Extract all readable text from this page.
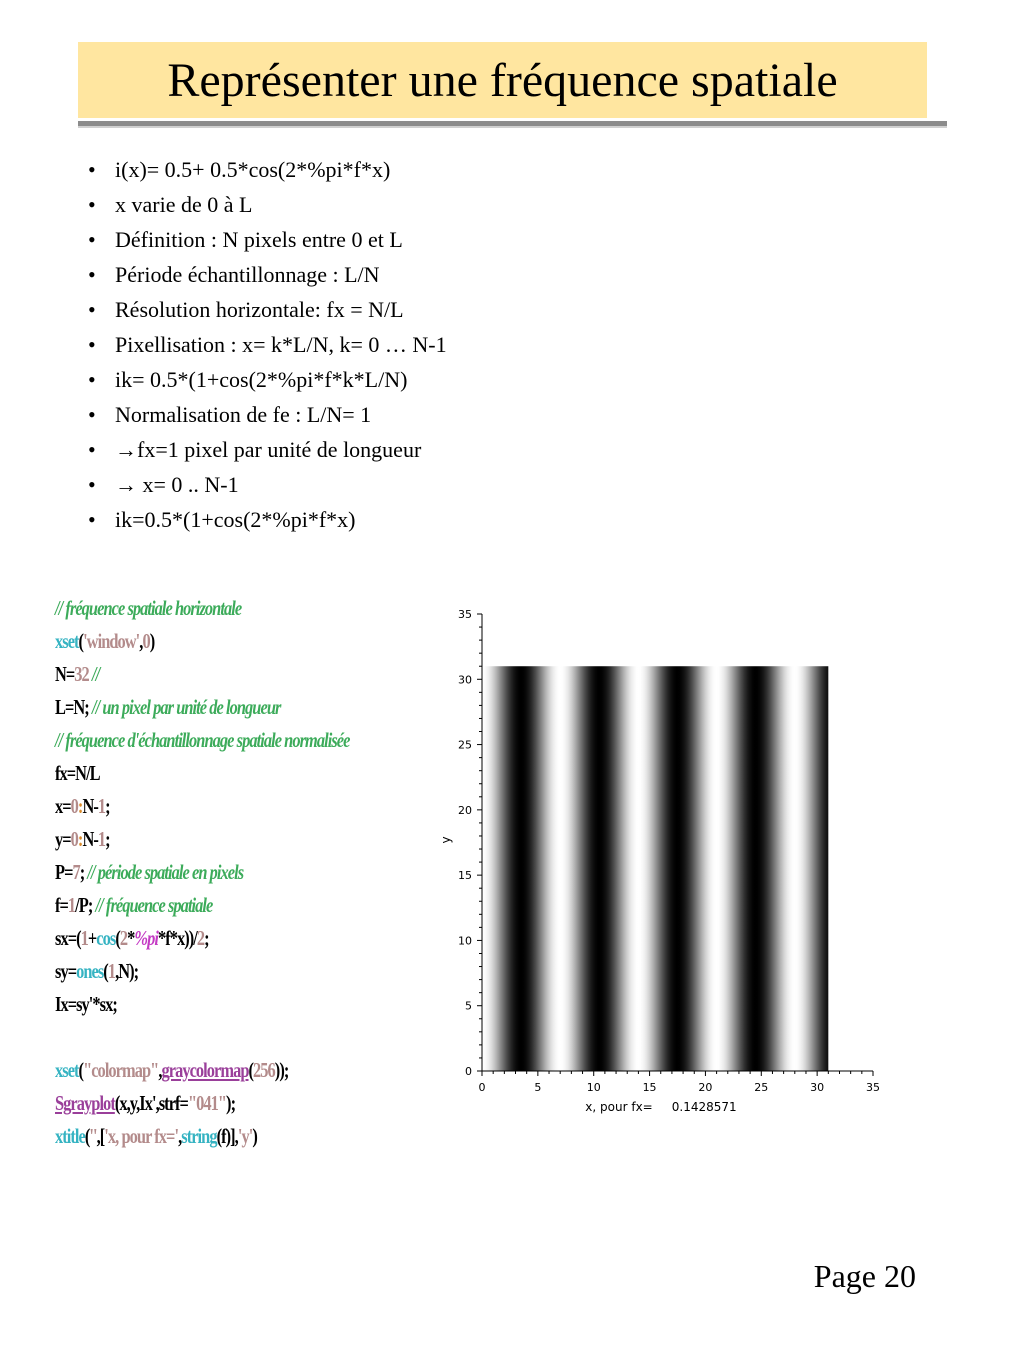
Représenter une fréquence spatiale
• i(x)= 0.5+ 0.5*cos(2*%pi*f*x)
• x varie de 0 à L
• Définition : N pixels entre 0 et L
• Période échantillonnage : L/N
• Résolution horizontale: fx = N/L
• Pixellisation : x= k*L/N, k= 0 … N-1
• ik= 0.5*(1+cos(2*%pi*f*k*L/N)
• Normalisation de fe : L/N= 1
• →fx=1 pixel par unité de longueur
• → x= 0 .. N-1
• ik=0.5*(1+cos(2*%pi*f*x)
// fréquence spatiale horizontale
xset('window',0)
N=32 //
L=N; // un pixel par unité de longueur
// fréquence d'échantillonnage spatiale normalisée
fx=N/L
x=0:N-1;
y=0:N-1;
P=7; // période spatiale en pixels
f=1/P; // fréquence spatiale
sx=(1+cos(2*%pi*f*x))/2;
sy=ones(1,N);
Ix=sy'*sx;

xset("colormap",graycolormap(256));
Sgrayplot(x,y,Ix',strf="041");
xtitle('',['x, pour fx=',string(f)],'y')
0	5	10	15	20	25	30	35
0
5
10
15
20
25
30
35
x, pour fx=     0.1428571
y
Page 20
